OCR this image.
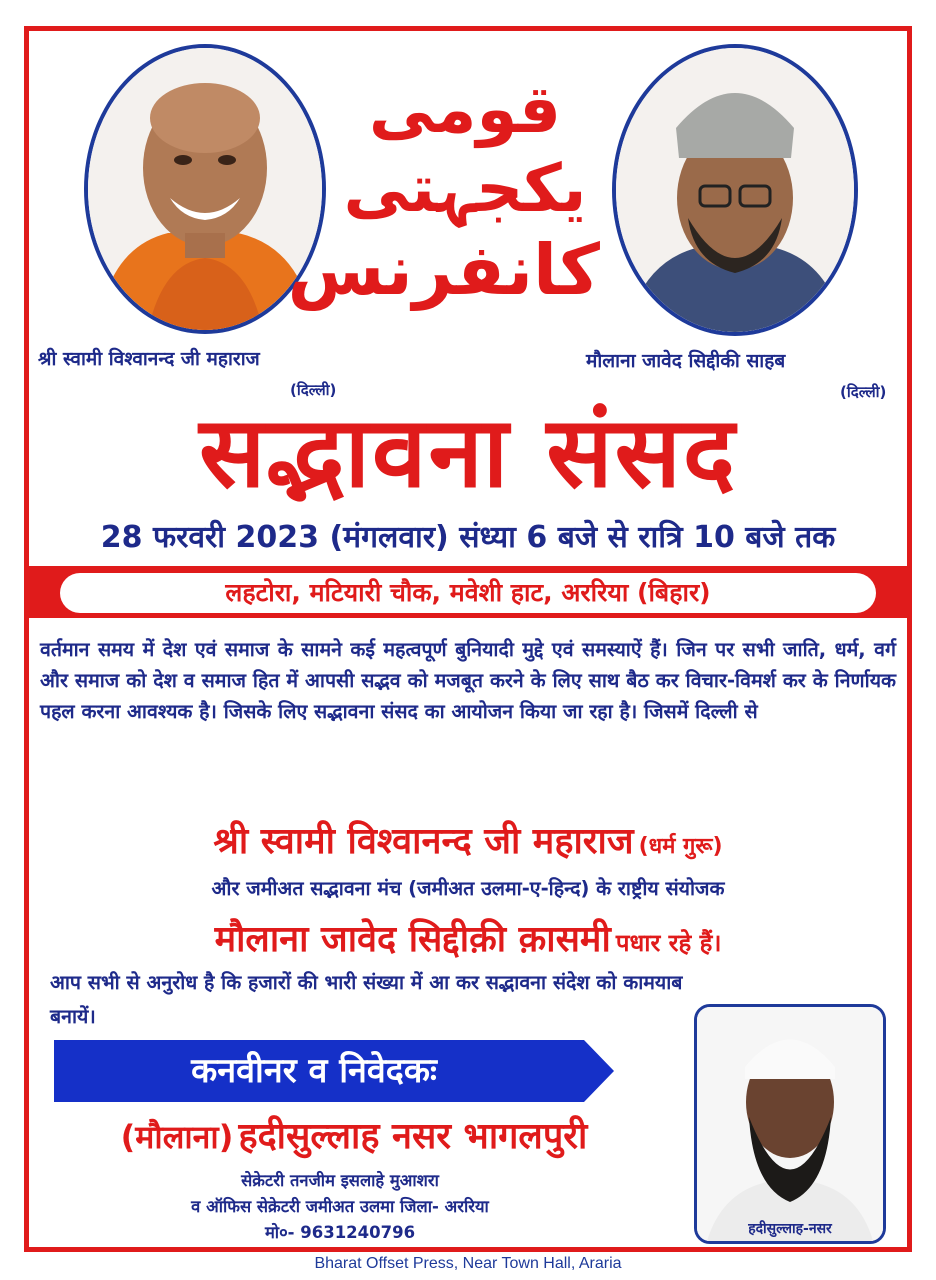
قومی یکجہتی
کانفرنس
श्री स्वामी विश्वानन्द जी महाराज
(दिल्ली)
मौलाना जावेद सिद्दीकी साहब
(दिल्ली)
सद्भावना संसद
28 फरवरी 2023 (मंगलवार) संध्या 6 बजे से रात्रि 10 बजे तक
लहटोरा, मटियारी चौक, मवेशी हाट, अररिया (बिहार)
वर्तमान समय में देश एवं समाज के सामने कई महत्वपूर्ण बुनियादी मुद्दे एवं समस्याऐं हैं। जिन पर सभी जाति, धर्म, वर्ग और समाज को देश व समाज हित में आपसी सद्भव को मजबूत करने के लिए साथ बैठ कर विचार-विमर्श कर के निर्णायक पहल करना आवश्यक है। जिसके लिए सद्भावना संसद का आयोजन किया जा रहा है। जिसमें दिल्ली से
श्री स्वामी विश्वानन्द जी महाराज (धर्म गुरू)
और जमीअत सद्भावना मंच (जमीअत उलमा-ए-हिन्द) के राष्ट्रीय संयोजक
मौलाना जावेद सिद्दीक़ी क़ासमी पधार रहे हैं।
आप सभी से अनुरोध है कि हजारों की भारी संख्या में आ कर सद्भावना संदेश को कामयाब बनायें।
कनवीनर व निवेदकः
(मौलाना) हदीसुल्लाह नसर भागलपुरी
सेक्रेटरी तनजीम इसलाहे मुआशरा
व ऑफिस सेक्रेटरी जमीअत उलमा जिला- अररिया
मो०- 9631240796	हदीसुल्लाह-नसर
Bharat Offset Press, Near Town Hall, Araria
